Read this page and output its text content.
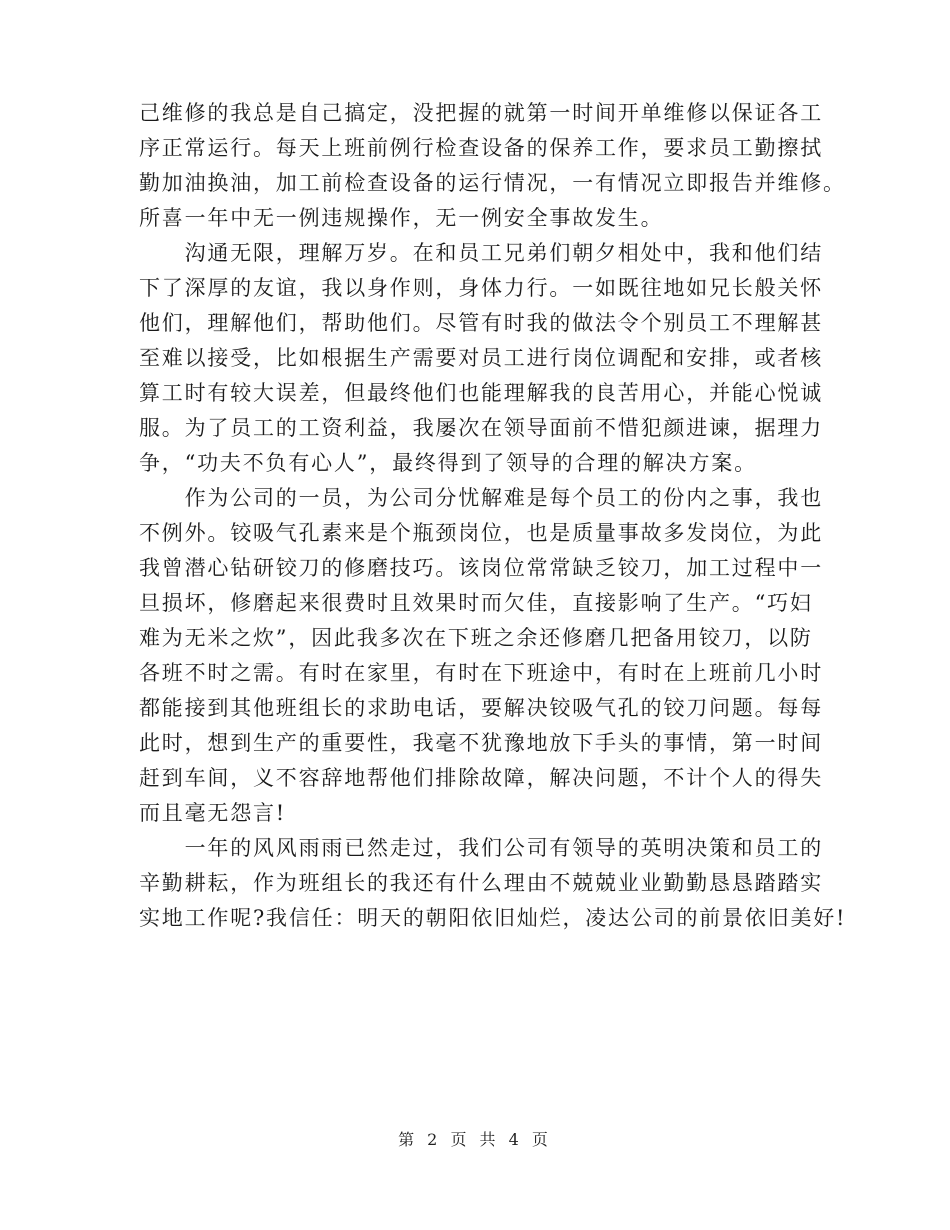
己维修的我总是自己搞定，没把握的就第一时间开单维修以保证各工
序正常运行。每天上班前例行检查设备的保养工作，要求员工勤擦拭
勤加油换油，加工前检查设备的运行情况，一有情况立即报告并维修。
所喜一年中无一例违规操作，无一例安全事故发生。
　　沟通无限，理解万岁。在和员工兄弟们朝夕相处中，我和他们结
下了深厚的友谊，我以身作则，身体力行。一如既往地如兄长般关怀
他们，理解他们，帮助他们。尽管有时我的做法令个别员工不理解甚
至难以接受，比如根据生产需要对员工进行岗位调配和安排，或者核
算工时有较大误差，但最终他们也能理解我的良苦用心，并能心悦诚
服。为了员工的工资利益，我屡次在领导面前不惜犯颜进谏，据理力
争，“功夫不负有心人”，最终得到了领导的合理的解决方案。
　　作为公司的一员，为公司分忧解难是每个员工的份内之事，我也
不例外。铰吸气孔素来是个瓶颈岗位，也是质量事故多发岗位，为此
我曾潜心钻研铰刀的修磨技巧。该岗位常常缺乏铰刀，加工过程中一
旦损坏，修磨起来很费时且效果时而欠佳，直接影响了生产。“巧妇
难为无米之炊”，因此我多次在下班之余还修磨几把备用铰刀，以防
各班不时之需。有时在家里，有时在下班途中，有时在上班前几小时
都能接到其他班组长的求助电话，要解决铰吸气孔的铰刀问题。每每
此时，想到生产的重要性，我毫不犹豫地放下手头的事情，第一时间
赶到车间，义不容辞地帮他们排除故障，解决问题，不计个人的得失
而且毫无怨言!
　　一年的风风雨雨已然走过，我们公司有领导的英明决策和员工的
辛勤耕耘，作为班组长的我还有什么理由不兢兢业业勤勤恳恳踏踏实
实地工作呢?我信任：明天的朝阳依旧灿烂，凌达公司的前景依旧美好!
第 2 页 共 4 页
